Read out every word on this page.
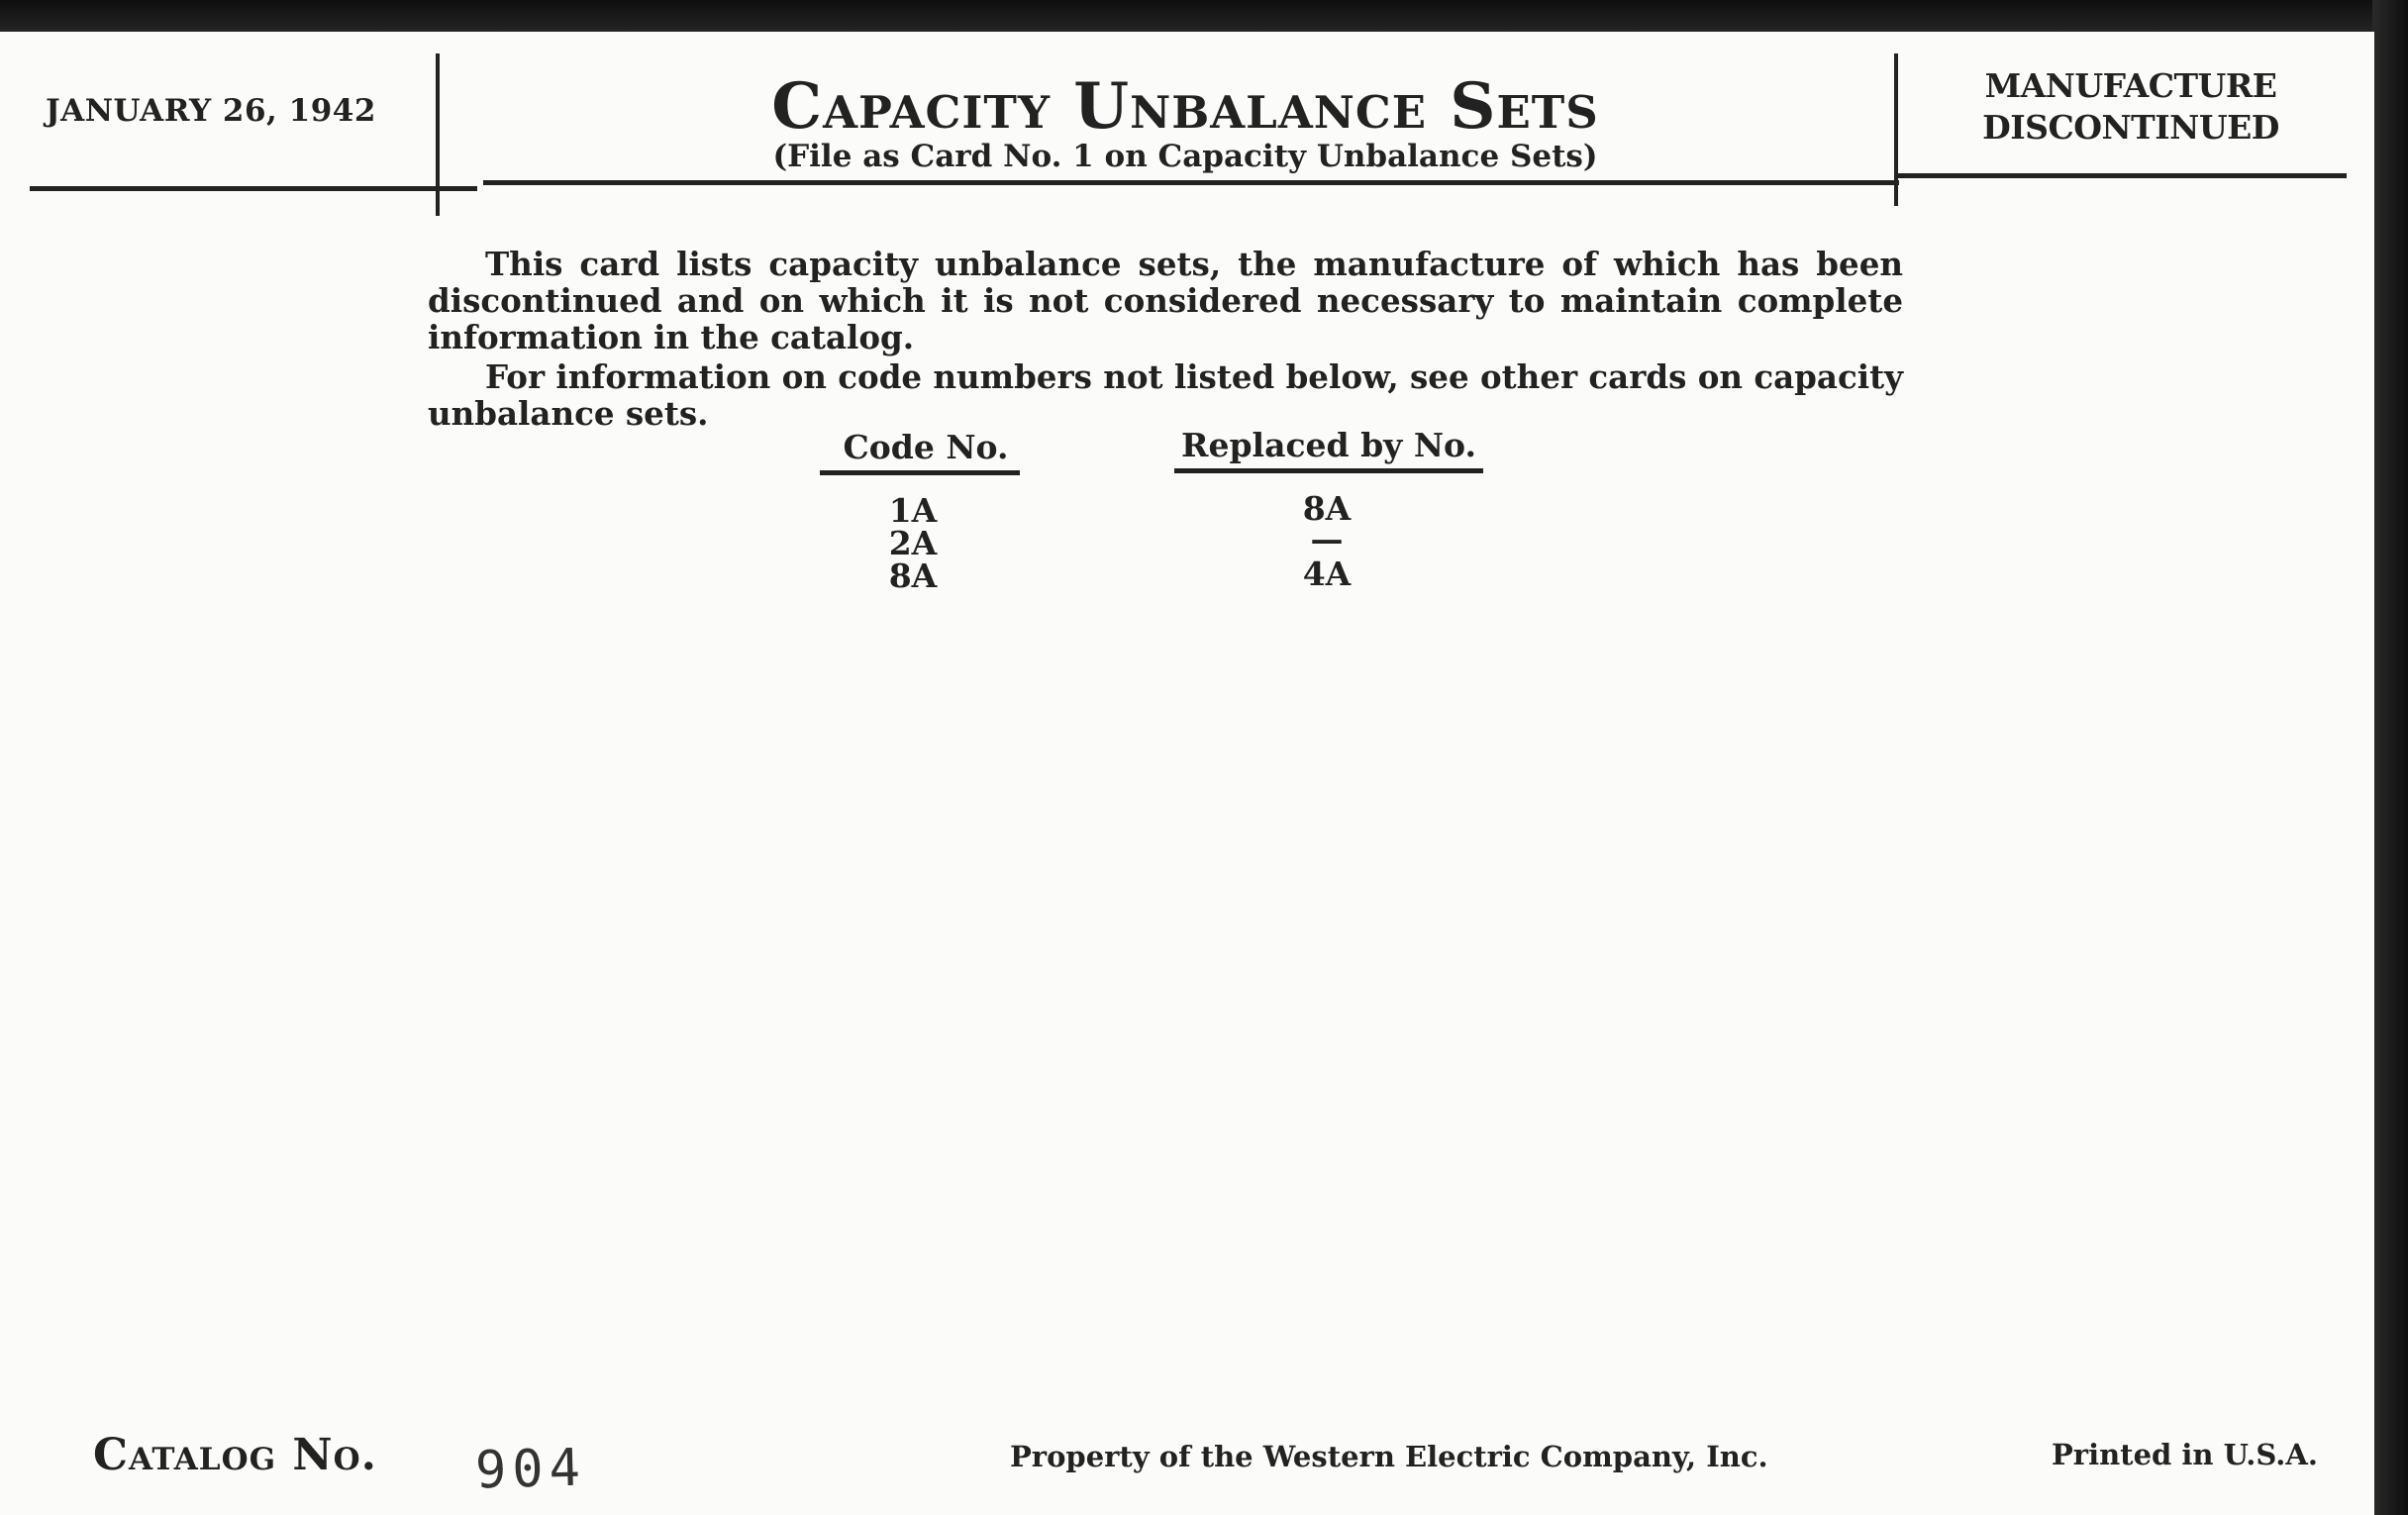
JANUARY 26, 1942	Capacity Unbalance Sets
(File as Card No. 1 on Capacity Unbalance Sets)
MANUFACTURE
DISCONTINUED

This card lists capacity unbalance sets, the manufacture of which has been discontinued and on which it is not considered necessary to maintain complete information in the catalog.

For information on code numbers not listed below, see other cards on capacity unbalance sets.

Code No.	Replaced by No.
1A	8A
2A	—
8A	4A
Catalog No. 904	Property of the Western Electric Company, Inc.	Printed in U.S.A.
